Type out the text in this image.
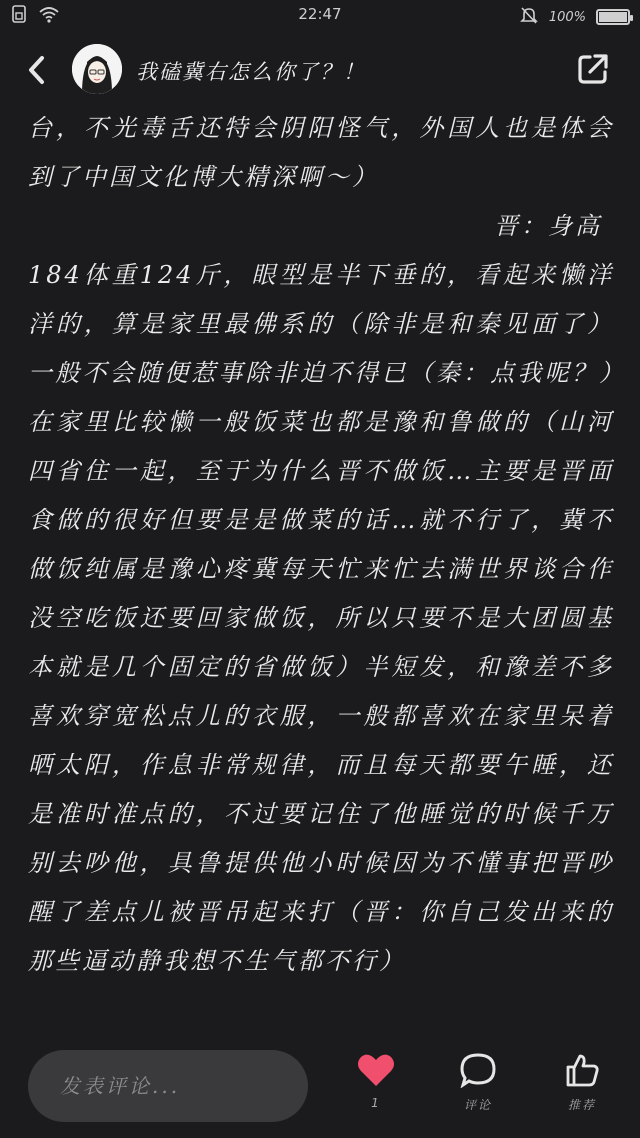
22:47	100%
我磕冀右怎么你了？！

台，不光毒舌还特会阴阳怪气，外国人也是体会到了中国文化博大精深啊～）

晋：身高

184体重124斤，眼型是半下垂的，看起来懒洋洋的，算是家里最佛系的（除非是和秦见面了）一般不会随便惹事除非迫不得已（秦：点我呢？）在家里比较懒一般饭菜也都是豫和鲁做的（山河四省住一起，至于为什么晋不做饭…主要是晋面食做的很好但要是是做菜的话…就不行了，冀不做饭纯属是豫心疼冀每天忙来忙去满世界谈合作没空吃饭还要回家做饭，所以只要不是大团圆基本就是几个固定的省做饭）半短发，和豫差不多喜欢穿宽松点儿的衣服，一般都喜欢在家里呆着晒太阳，作息非常规律，而且每天都要午睡，还是准时准点的，不过要记住了他睡觉的时候千万别去吵他，具鲁提供他小时候因为不懂事把晋吵醒了差点儿被晋吊起来打（晋：你自己发出来的那些逼动静我想不生气都不行）

发表评论...
1	评论	推荐
